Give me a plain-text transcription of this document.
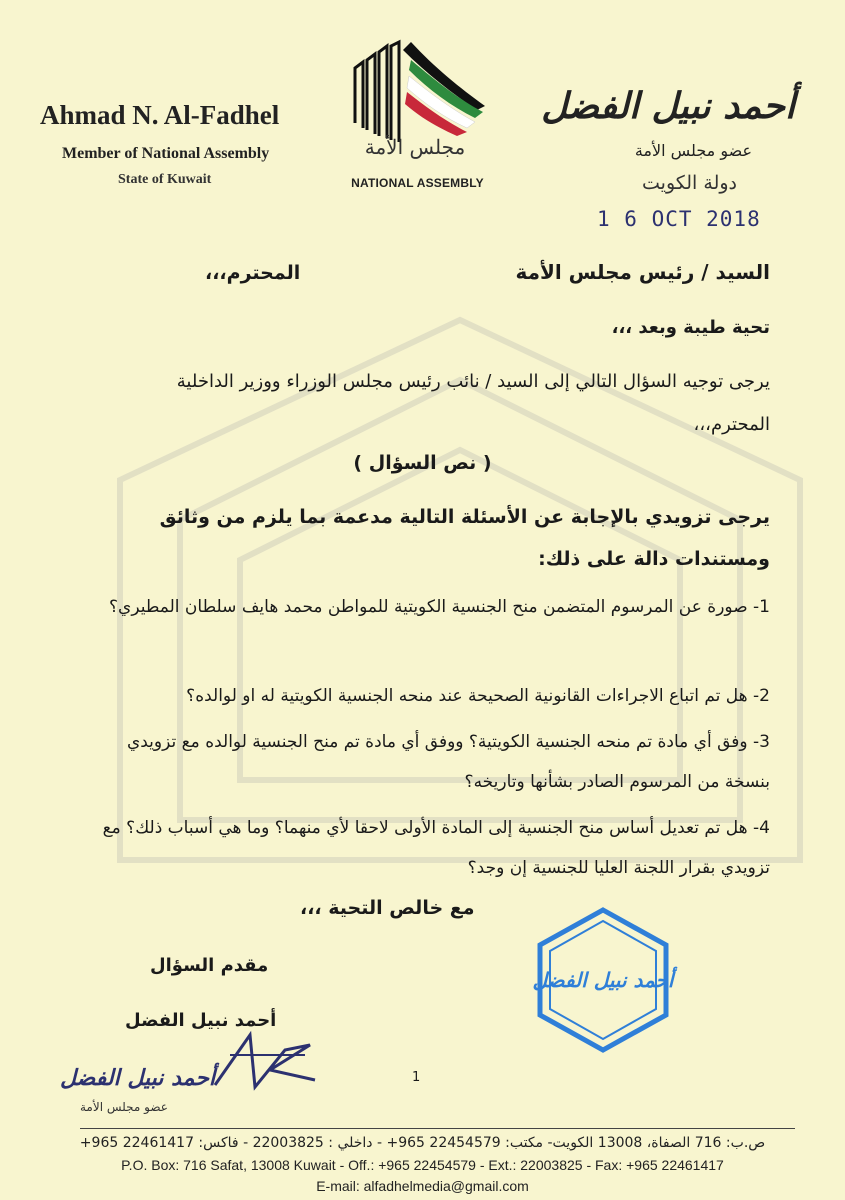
Ahmad N. Al-Fadhel
Member of National Assembly
State of Kuwait
مجلس الأمة
NATIONAL ASSEMBLY
أحمد نبيل الفضل
عضو مجلس الأمة
دولة الكويت
1 6 OCT 2018
السيد / رئيس مجلس الأمة
المحترم،،،
تحية طيبة وبعد ،،،
يرجى توجيه السؤال التالي إلى السيد / نائب رئيس مجلس الوزراء ووزير الداخلية المحترم،،،
( نص السؤال )
يرجى تزويدي بالإجابة عن الأسئلة التالية مدعمة بما يلزم من وثائق ومستندات دالة على ذلك:
1- صورة عن المرسوم المتضمن منح الجنسية الكويتية للمواطن محمد هايف سلطان المطيري؟
2- هل تم اتباع الاجراءات القانونية الصحيحة عند منحه الجنسية الكويتية له او لوالده؟
3- وفق أي مادة تم منحه الجنسية الكويتية؟ ووفق أي مادة تم منح الجنسية لوالده مع تزويدي بنسخة من المرسوم الصادر بشأنها وتاريخه؟
4- هل تم تعديل أساس منح الجنسية إلى المادة الأولى لاحقا لأي منهما؟ وما هي أسباب ذلك؟ مع تزويدي بقرار اللجنة العليا للجنسية إن وجد؟
مع خالص التحية ،،،
مقدم السؤال
أحمد نبيل الفضل
أحمد نبيل الفضل
أحمد نبيل الفضل
عضو مجلس الأمة
1
ص.ب: 716 الصفاة، 13008 الكويت- مكتب: 22454579 965+ - داخلي : 22003825 - فاكس: 22461417 965+
P.O. Box: 716 Safat, 13008 Kuwait - Off.: +965 22454579 - Ext.: 22003825 - Fax: +965 22461417
E-mail: alfadhelmedia@gmail.com
